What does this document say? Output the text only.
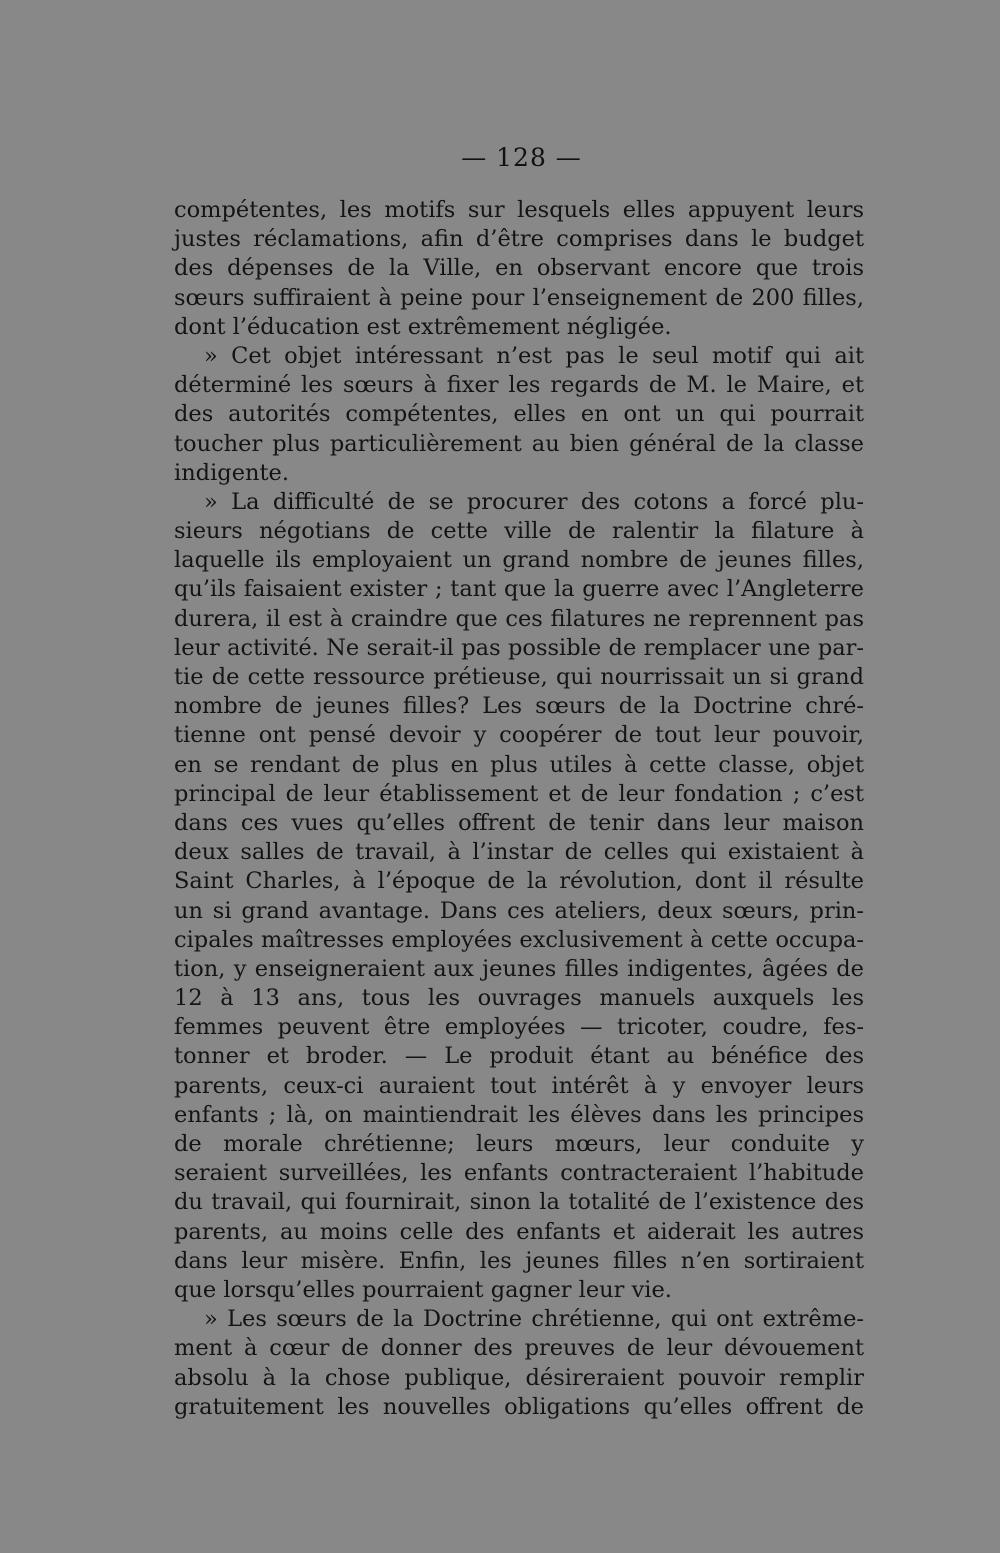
— 128 —

compétentes, les motifs sur lesquels elles appuyent leurs
justes réclamations, afin d’être comprises dans le budget
des dépenses de la Ville, en observant encore que trois
sœurs suffiraient à peine pour l’enseignement de 200 filles,
dont l’éducation est extrêmement négligée.

» Cet objet intéressant n’est pas le seul motif qui ait
déterminé les sœurs à fixer les regards de M. le Maire, et
des autorités compétentes, elles en ont un qui pourrait
toucher plus particulièrement au bien général de la classe
indigente.

» La difficulté de se procurer des cotons a forcé plu-
sieurs négotians de cette ville de ralentir la filature à
laquelle ils employaient un grand nombre de jeunes filles,
qu’ils faisaient exister ; tant que la guerre avec l’Angleterre
durera, il est à craindre que ces filatures ne reprennent pas
leur activité. Ne serait-il pas possible de remplacer une par-
tie de cette ressource prétieuse, qui nourrissait un si grand
nombre de jeunes filles? Les sœurs de la Doctrine chré-
tienne ont pensé devoir y coopérer de tout leur pouvoir,
en se rendant de plus en plus utiles à cette classe, objet
principal de leur établissement et de leur fondation ; c’est
dans ces vues qu’elles offrent de tenir dans leur maison
deux salles de travail, à l’instar de celles qui existaient à
Saint Charles, à l’époque de la révolution, dont il résulte
un si grand avantage. Dans ces ateliers, deux sœurs, prin-
cipales maîtresses employées exclusivement à cette occupa-
tion, y enseigneraient aux jeunes filles indigentes, âgées de
12 à 13 ans, tous les ouvrages manuels auxquels les
femmes peuvent être employées — tricoter, coudre, fes-
tonner et broder. — Le produit étant au bénéfice des
parents, ceux-ci auraient tout intérêt à y envoyer leurs
enfants ; là, on maintiendrait les élèves dans les principes
de morale chrétienne; leurs mœurs, leur conduite y
seraient surveillées, les enfants contracteraient l’habitude
du travail, qui fournirait, sinon la totalité de l’existence des
parents, au moins celle des enfants et aiderait les autres
dans leur misère. Enfin, les jeunes filles n’en sortiraient
que lorsqu’elles pourraient gagner leur vie.

» Les sœurs de la Doctrine chrétienne, qui ont extrême-
ment à cœur de donner des preuves de leur dévouement
absolu à la chose publique, désireraient pouvoir remplir
gratuitement les nouvelles obligations qu’elles offrent de
